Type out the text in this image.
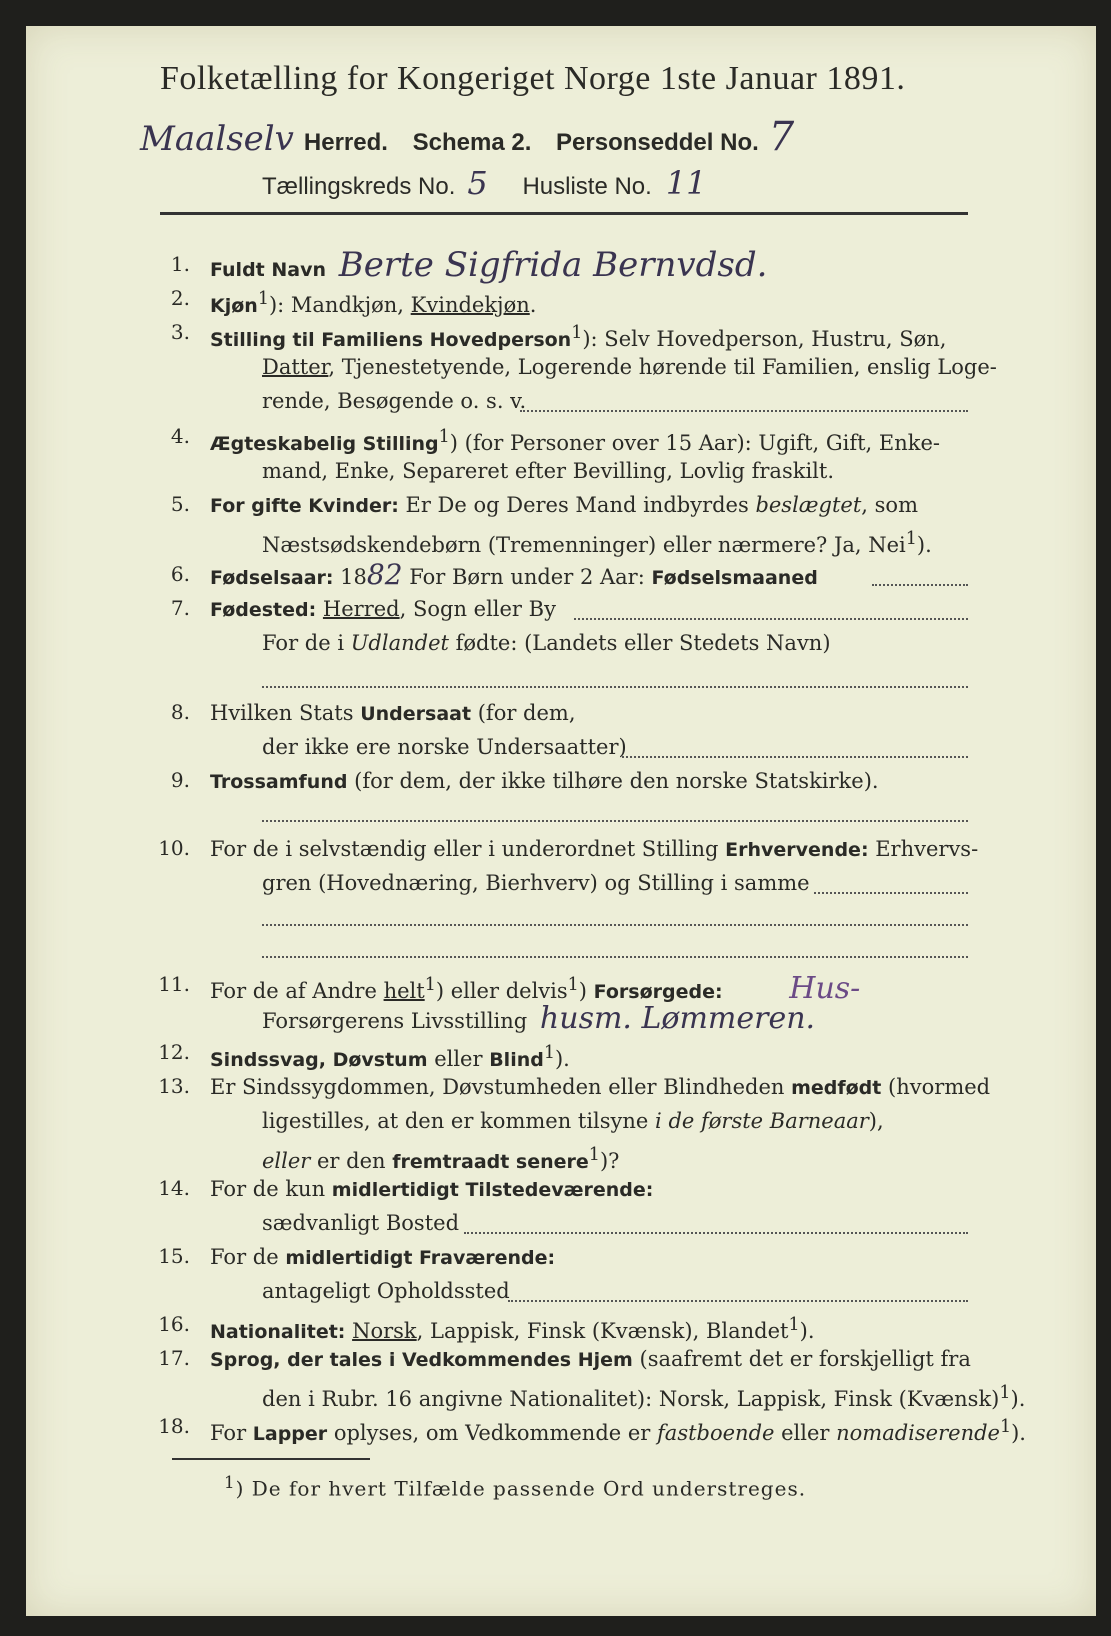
Folketælling for Kongeriget Norge 1ste Januar 1891.
Maalselv Herred. Schema 2. Personseddel No. 7
Tællingskreds No. 5 Husliste No. 11
1. Fuldt Navn Berte Sigfrida Bernvdsd.
2. Kjøn$^1$): Mandkjøn, Kvindekjøn.
3. Stilling til Familiens Hovedperson$^1$): Selv Hovedperson, Hustru, Søn,
Datter, Tjenestetyende, Logerende hørende til Familien, enslig Loge-
rende, Besøgende o. s. v.
4. Ægteskabelig Stilling$^1$) (for Personer over 15 Aar): Ugift, Gift, Enke-
mand, Enke, Separeret efter Bevilling, Lovlig fraskilt.
5. For gifte Kvinder: Er De og Deres Mand indbyrdes beslægtet, som
Næstsødskendebørn (Tremenninger) eller nærmere? Ja, Nei$^1$).
6. Fødselsaar: 1882 For Børn under 2 Aar: Fødselsmaaned
7. Fødested: Herred, Sogn eller By
For de i Udlandet fødte: (Landets eller Stedets Navn)
8. Hvilken Stats Undersaat (for dem,
der ikke ere norske Undersaatter)
9. Trossamfund (for dem, der ikke tilhøre den norske Statskirke).
10. For de i selvstændig eller i underordnet Stilling Erhvervende: Erhvervs-
gren (Hovednæring, Bierhverv) og Stilling i samme
11. For de af Andre helt$^1$) eller delvis$^1$) Forsørgede: Hus-
Forsørgerens Livsstilling husm. Lømmeren.
12. Sindssvag, Døvstum eller Blind$^1$).
13. Er Sindssygdommen, Døvstumheden eller Blindheden medfødt (hvormed
ligestilles, at den er kommen tilsyne i de første Barneaar),
eller er den fremtraadt senere$^1$)?
14. For de kun midlertidigt Tilstedeværende:
sædvanligt Bosted
15. For de midlertidigt Fraværende:
antageligt Opholdssted
16. Nationalitet: Norsk, Lappisk, Finsk (Kvænsk), Blandet$^1$).
17. Sprog, der tales i Vedkommendes Hjem (saafremt det er forskjelligt fra
den i Rubr. 16 angivne Nationalitet): Norsk, Lappisk, Finsk (Kvænsk)$^1$).
18. For Lapper oplyses, om Vedkommende er fastboende eller nomadiserende$^1$).
$^1$) De for hvert Tilfælde passende Ord understreges.
